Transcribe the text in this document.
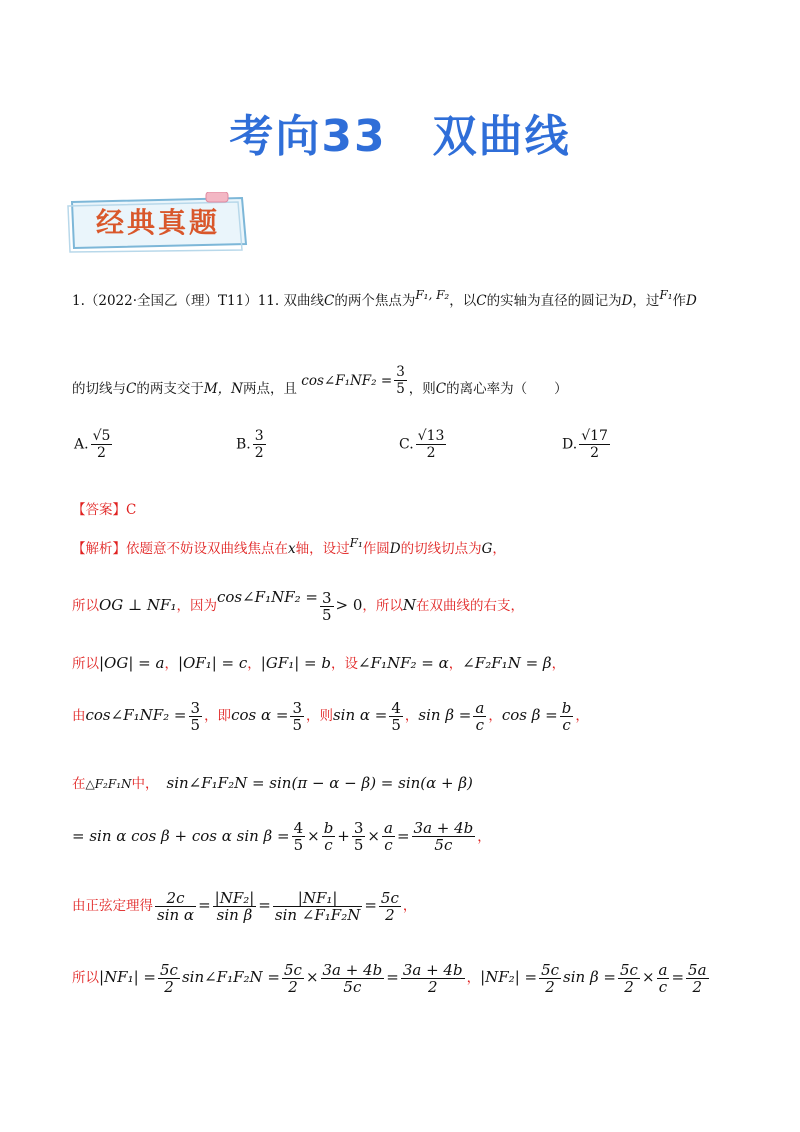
考向33　双曲线
经典真题
1.（2022·全国乙（理）T11）11. 双曲线C的两个焦点为F₁, F₂，以C的实轴为直径的圆记为D，过F₁作D
的切线与C的两支交于M，N两点，且 cos∠F₁NF₂ = $\frac{3}{5}$ ，则C的离心率为（　　）
A. $\frac{√5}{2}$	B. $\frac{3}{2}$	C. $\frac{√13}{2}$	D. $\frac{√17}{2}$
【答案】C
【解析】依题意不妨设双曲线焦点在x轴，设过F₁作圆D的切线切点为G，
所以OG ⊥ NF₁，因为cos∠F₁NF₂ = $\frac{3}{5} > 0$，所以N在双曲线的右支，
所以|OG| = a，|OF₁| = c，|GF₁| = b，设∠F₁NF₂ = α，∠F₂F₁N = β，
由cos∠F₁NF₂ = $\frac{3}{5}$ ，即$\cos \alpha = \frac{3}{5}$ ，则$\sin \alpha = \frac{4}{5}$ ，$\sin \beta = \frac{a}{c}$ ，$\cos \beta = \frac{b}{c}$ ，
在△F₂F₁N中， sin∠F₁F₂N = sin(π − α − β) = sin(α + β)
= sin α cos β + cos α $\sin \beta = \frac{4}{5} \times \frac{b}{c} + \frac{3}{5} \times \frac{a}{c} = \frac{3a + 4b}{5c}$ ，
由正弦定理得 $\frac{2c}{\text{sin α}} = \frac{\text{|NF₂|}}{\text{sin β}} = \frac{\text{|NF₁|}}{\text{sin ∠F₁F₂N}} = \frac{5c}{2}$ ，
所以$|NF_1| = \frac{5c}{2}$ sin∠F₁F₂N = $\frac{5c}{2} \times \frac{3a + 4b}{5c} = \frac{3a + 4b}{2}$ ，$|NF_2| = \frac{5c}{2}$ $\sin \beta = \frac{5c}{2} \times \frac{a}{c} = \frac{5a}{2}$
